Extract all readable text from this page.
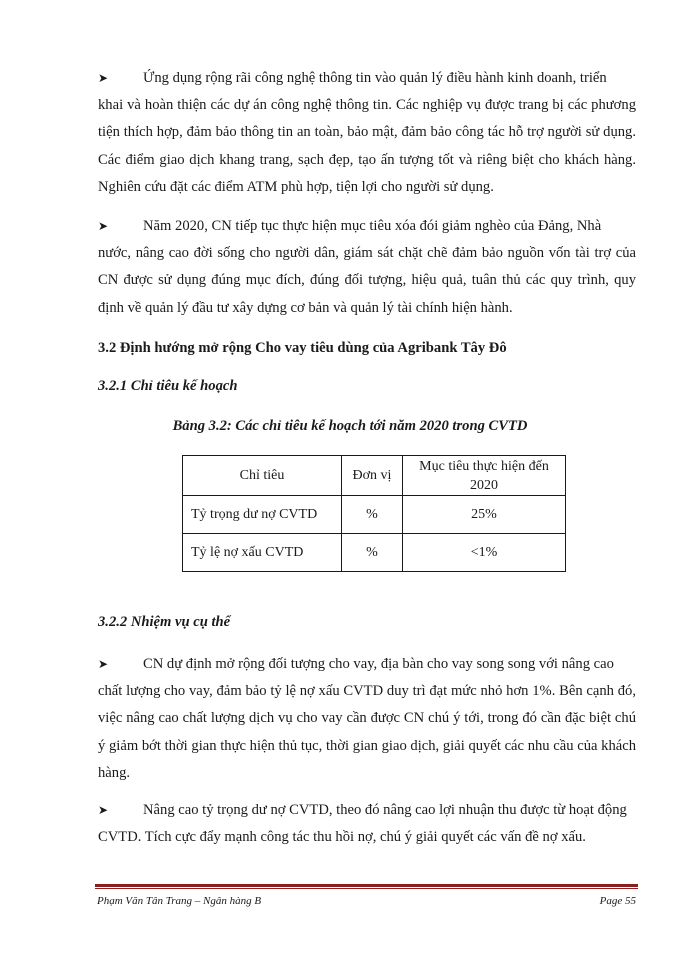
➤ Ứng dụng rộng rãi công nghệ thông tin vào quản lý điều hành kinh doanh, triển
khai và hoàn thiện các dự án công nghệ thông tin. Các nghiệp vụ được trang bị các phương tiện thích hợp, đảm bảo thông tin an toàn, bảo mật, đảm bảo công tác hỗ trợ người sử dụng. Các điểm giao dịch khang trang, sạch đẹp, tạo ấn tượng tốt và riêng biệt cho khách hàng. Nghiên cứu đặt các điểm ATM phù hợp, tiện lợi cho người sử dụng.

➤ Năm 2020, CN tiếp tục thực hiện mục tiêu xóa đói giảm nghèo của Đảng, Nhà
nước, nâng cao đời sống cho người dân, giám sát chặt chẽ đảm bảo nguồn vốn tài trợ của CN được sử dụng đúng mục đích, đúng đối tượng, hiệu quả, tuân thủ các quy trình, quy định về quản lý đầu tư xây dựng cơ bản và quản lý tài chính hiện hành.

3.2 Định hướng mở rộng Cho vay tiêu dùng của Agribank Tây Đô

3.2.1 Chỉ tiêu kế hoạch

Bảng 3.2: Các chỉ tiêu kế hoạch tới năm 2020 trong CVTD

Chỉ tiêu	Đơn vị	Mục tiêu thực hiện đến 2020
Tỷ trọng dư nợ CVTD	%	25%
Tỷ lệ nợ xấu CVTD	%	<1%

3.2.2 Nhiệm vụ cụ thể

➤ CN dự định mở rộng đối tượng cho vay, địa bàn cho vay song song với nâng cao
chất lượng cho vay, đảm bảo tỷ lệ nợ xấu CVTD duy trì đạt mức nhỏ hơn 1%. Bên cạnh đó, việc nâng cao chất lượng dịch vụ cho vay cần được CN chú ý tới, trong đó cần đặc biệt chú ý giảm bớt thời gian thực hiện thủ tục, thời gian giao dịch, giải quyết các nhu cầu của khách hàng.

➤ Nâng cao tỷ trọng dư nợ CVTD, theo đó nâng cao lợi nhuận thu được từ hoạt động
CVTD. Tích cực đẩy mạnh công tác thu hồi nợ, chú ý giải quyết các vấn đề nợ xấu.

Phạm Văn Tân Trang – Ngân hàng B	Page 55
